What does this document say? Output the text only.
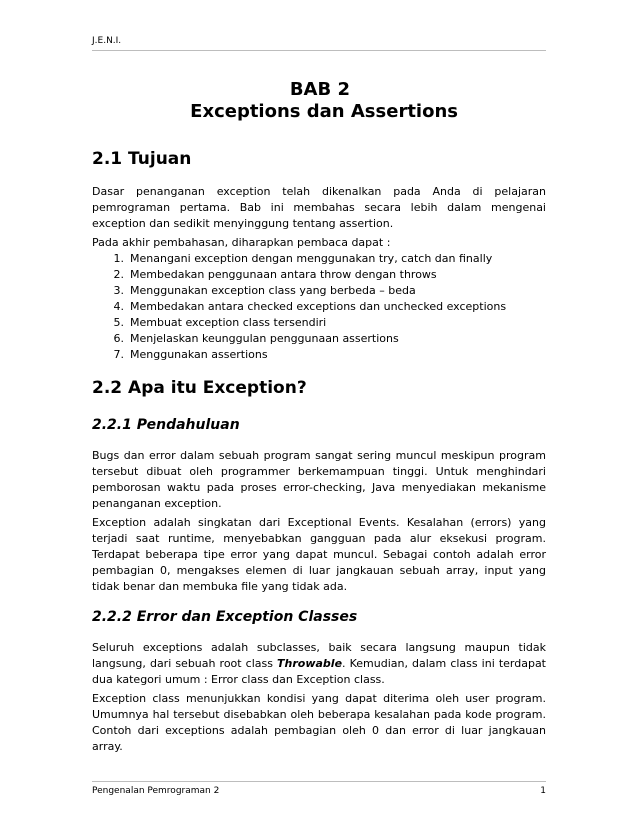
J.E.N.I.
BAB 2
Exceptions dan Assertions
2.1 Tujuan
Dasar penanganan exception telah dikenalkan pada Anda di pelajaran pemrograman pertama. Bab ini membahas secara lebih dalam mengenai exception dan sedikit menyinggung tentang assertion.
Pada akhir pembahasan, diharapkan pembaca dapat :
1. Menangani exception dengan menggunakan try, catch dan finally
2. Membedakan penggunaan antara throw dengan throws
3. Menggunakan exception class yang berbeda – beda
4. Membedakan antara checked exceptions dan unchecked exceptions
5. Membuat exception class tersendiri
6. Menjelaskan keunggulan penggunaan assertions
7. Menggunakan assertions
2.2 Apa itu Exception?
2.2.1 Pendahuluan
Bugs dan error dalam sebuah program sangat sering muncul meskipun program tersebut dibuat oleh programmer berkemampuan tinggi. Untuk menghindari pemborosan waktu pada proses error-checking, Java menyediakan mekanisme penanganan exception.
Exception adalah singkatan dari Exceptional Events. Kesalahan (errors) yang terjadi saat runtime, menyebabkan gangguan pada alur eksekusi program. Terdapat beberapa tipe error yang dapat muncul. Sebagai contoh adalah error pembagian 0, mengakses elemen di luar jangkauan sebuah array, input yang tidak benar dan membuka file yang tidak ada.
2.2.2 Error dan Exception Classes
Seluruh exceptions adalah subclasses, baik secara langsung maupun tidak langsung, dari sebuah root class Throwable. Kemudian, dalam class ini terdapat dua kategori umum : Error class dan Exception class.
Exception class menunjukkan kondisi yang dapat diterima oleh user program. Umumnya hal tersebut disebabkan oleh beberapa kesalahan pada kode program. Contoh dari exceptions adalah pembagian oleh 0 dan error di luar jangkauan array.
Pengenalan Pemrograman 2	1
